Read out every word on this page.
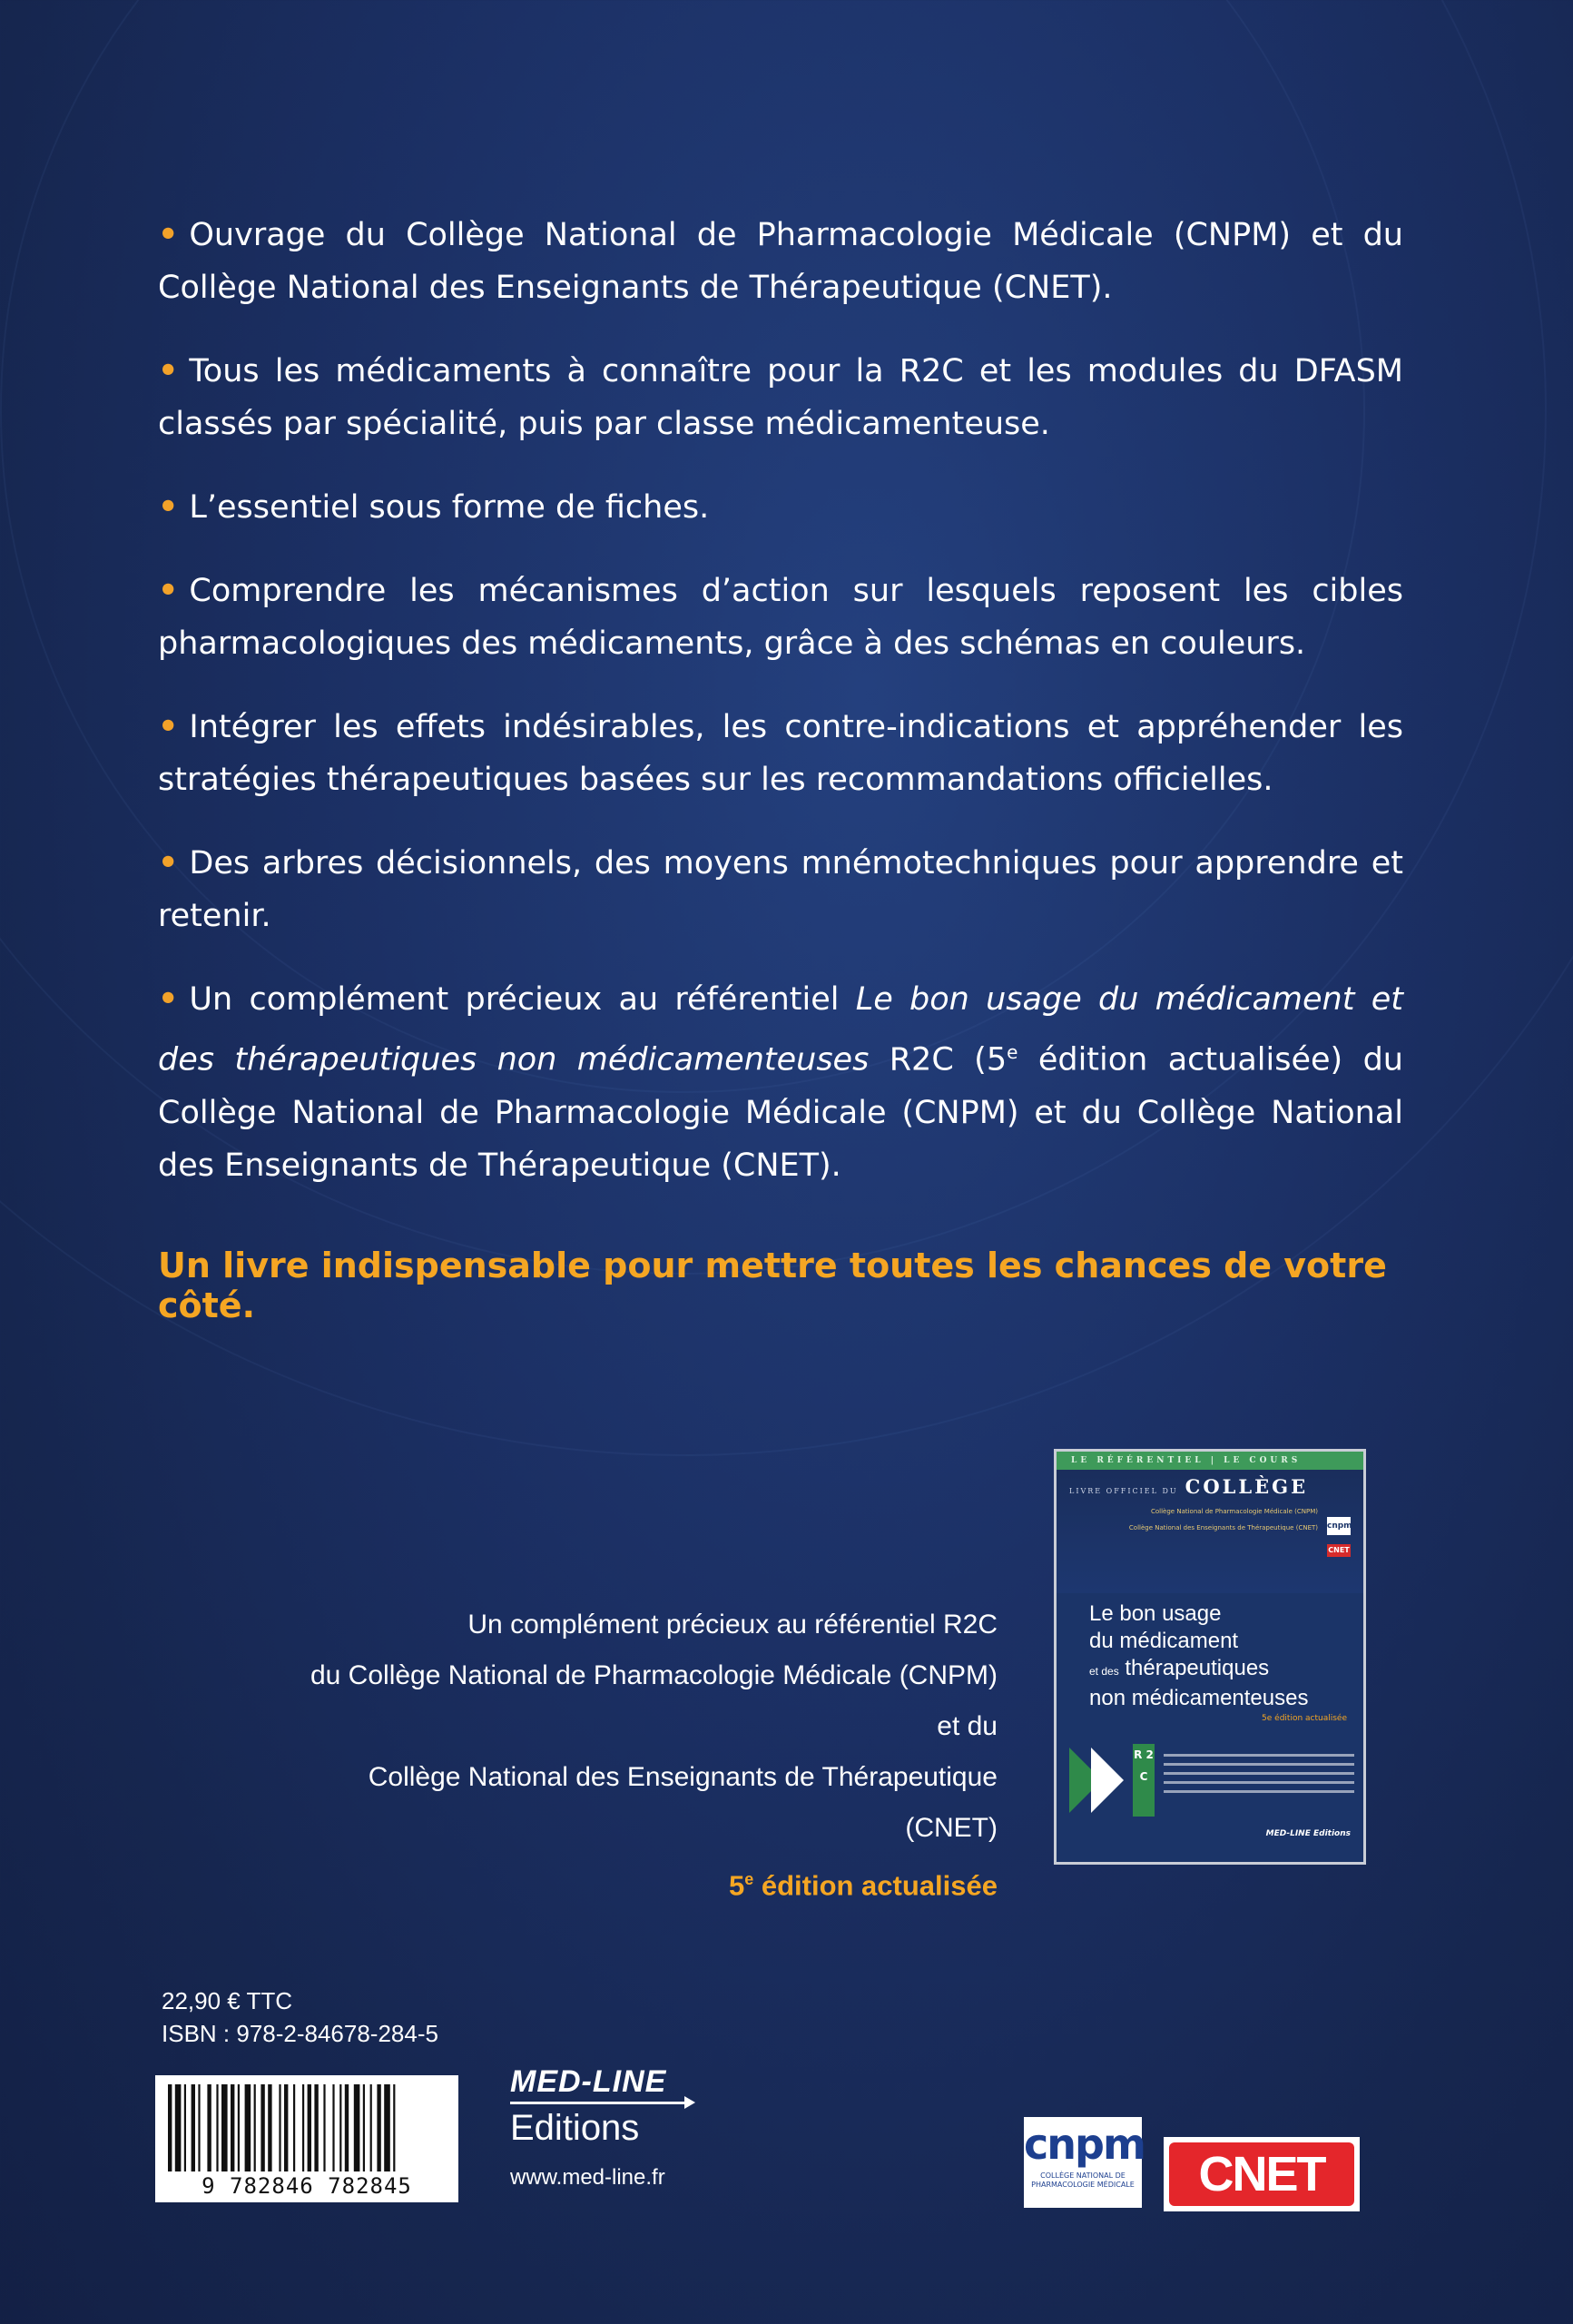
• Ouvrage du Collège National de Pharmacologie Médicale (CNPM) et du Collège National des Enseignants de Thérapeutique (CNET).
• Tous les médicaments à connaître pour la R2C et les modules du DFASM classés par spécialité, puis par classe médicamenteuse.
• L’essentiel sous forme de fiches.
• Comprendre les mécanismes d’action sur lesquels reposent les cibles pharmacologiques des médicaments, grâce à des schémas en couleurs.
• Intégrer les effets indésirables, les contre-indications et appréhender les stratégies thérapeutiques basées sur les recommandations officielles.
• Des arbres décisionnels, des moyens mnémotechniques pour apprendre et retenir.
• Un complément précieux au référentiel Le bon usage du médicament et des thérapeutiques non médicamenteuses R2C (5e édition actualisée) du Collège National de Pharmacologie Médicale (CNPM) et du Collège National des Enseignants de Thérapeutique (CNET).
Un livre indispensable pour mettre toutes les chances de votre côté.
Un complément précieux au référentiel R2C
du Collège National de Pharmacologie Médicale (CNPM) et du
Collège National des Enseignants de Thérapeutique (CNET)
5e édition actualisée
LE RÉFÉRENTIEL | LE COURS
LIVRE OFFICIEL DU COLLÈGE
Collège National de Pharmacologie Médicale (CNPM)
Collège National des Enseignants de Thérapeutique (CNET) cnpm
CNET
Le bon usage
du médicament
et des thérapeutiques
non médicamenteuses
5e édition actualisée
R 2 C
MED-LINE Editions
22,90 € TTC
ISBN : 978-2-84678-284-5
9 782846 782845
MED-LINE
Editions
www.med-line.fr
cnpm
COLLÈGE NATIONAL DE
PHARMACOLOGIE MÉDICALE	CNET
